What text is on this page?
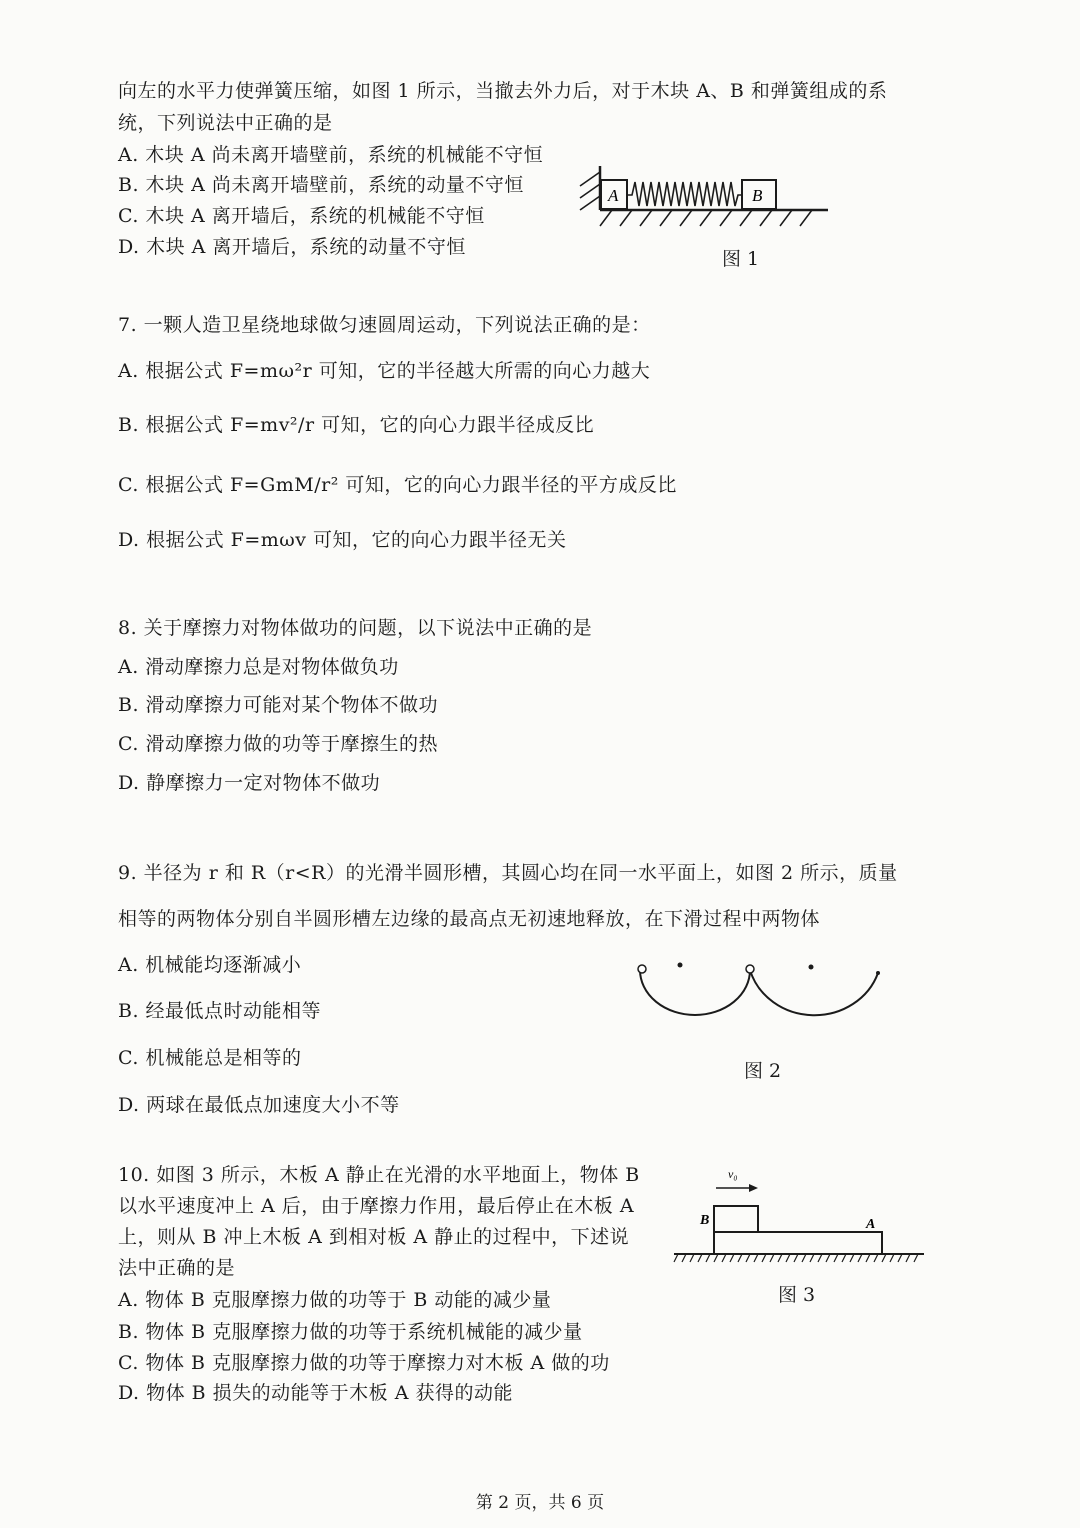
向左的水平力使弹簧压缩，如图 1 所示，当撤去外力后，对于木块 A、B 和弹簧组成的系
统，下列说法中正确的是
A. 木块 A 尚未离开墙壁前，系统的机械能不守恒
B. 木块 A 尚未离开墙壁前，系统的动量不守恒
C. 木块 A 离开墙后，系统的机械能不守恒
D. 木块 A 离开墙后，系统的动量不守恒
A	B
图 1
7. 一颗人造卫星绕地球做匀速圆周运动，下列说法正确的是：
A. 根据公式 F=mω²r 可知，它的半径越大所需的向心力越大
B. 根据公式 F=mv²/r 可知，它的向心力跟半径成反比
C. 根据公式 F=GmM/r² 可知，它的向心力跟半径的平方成反比
D. 根据公式 F=mωv 可知，它的向心力跟半径无关
8. 关于摩擦力对物体做功的问题，以下说法中正确的是
A. 滑动摩擦力总是对物体做负功
B. 滑动摩擦力可能对某个物体不做功
C. 滑动摩擦力做的功等于摩擦生的热
D. 静摩擦力一定对物体不做功
9. 半径为 r 和 R（r<R）的光滑半圆形槽，其圆心均在同一水平面上，如图 2 所示，质量
相等的两物体分别自半圆形槽左边缘的最高点无初速地释放，在下滑过程中两物体
A. 机械能均逐渐减小
B. 经最低点时动能相等
C. 机械能总是相等的
D. 两球在最低点加速度大小不等
图 2
10. 如图 3 所示，木板 A 静止在光滑的水平地面上，物体 B
以水平速度冲上 A 后，由于摩擦力作用，最后停止在木板 A
上，则从 B 冲上木板 A 到相对板 A 静止的过程中，下述说
法中正确的是
A. 物体 B 克服摩擦力做的功等于 B 动能的减少量
B. 物体 B 克服摩擦力做的功等于系统机械能的减少量
C. 物体 B 克服摩擦力做的功等于摩擦力对木板 A 做的功
D. 物体 B 损失的动能等于木板 A 获得的动能
v₀
B	A
图 3
第 2 页，共 6 页
